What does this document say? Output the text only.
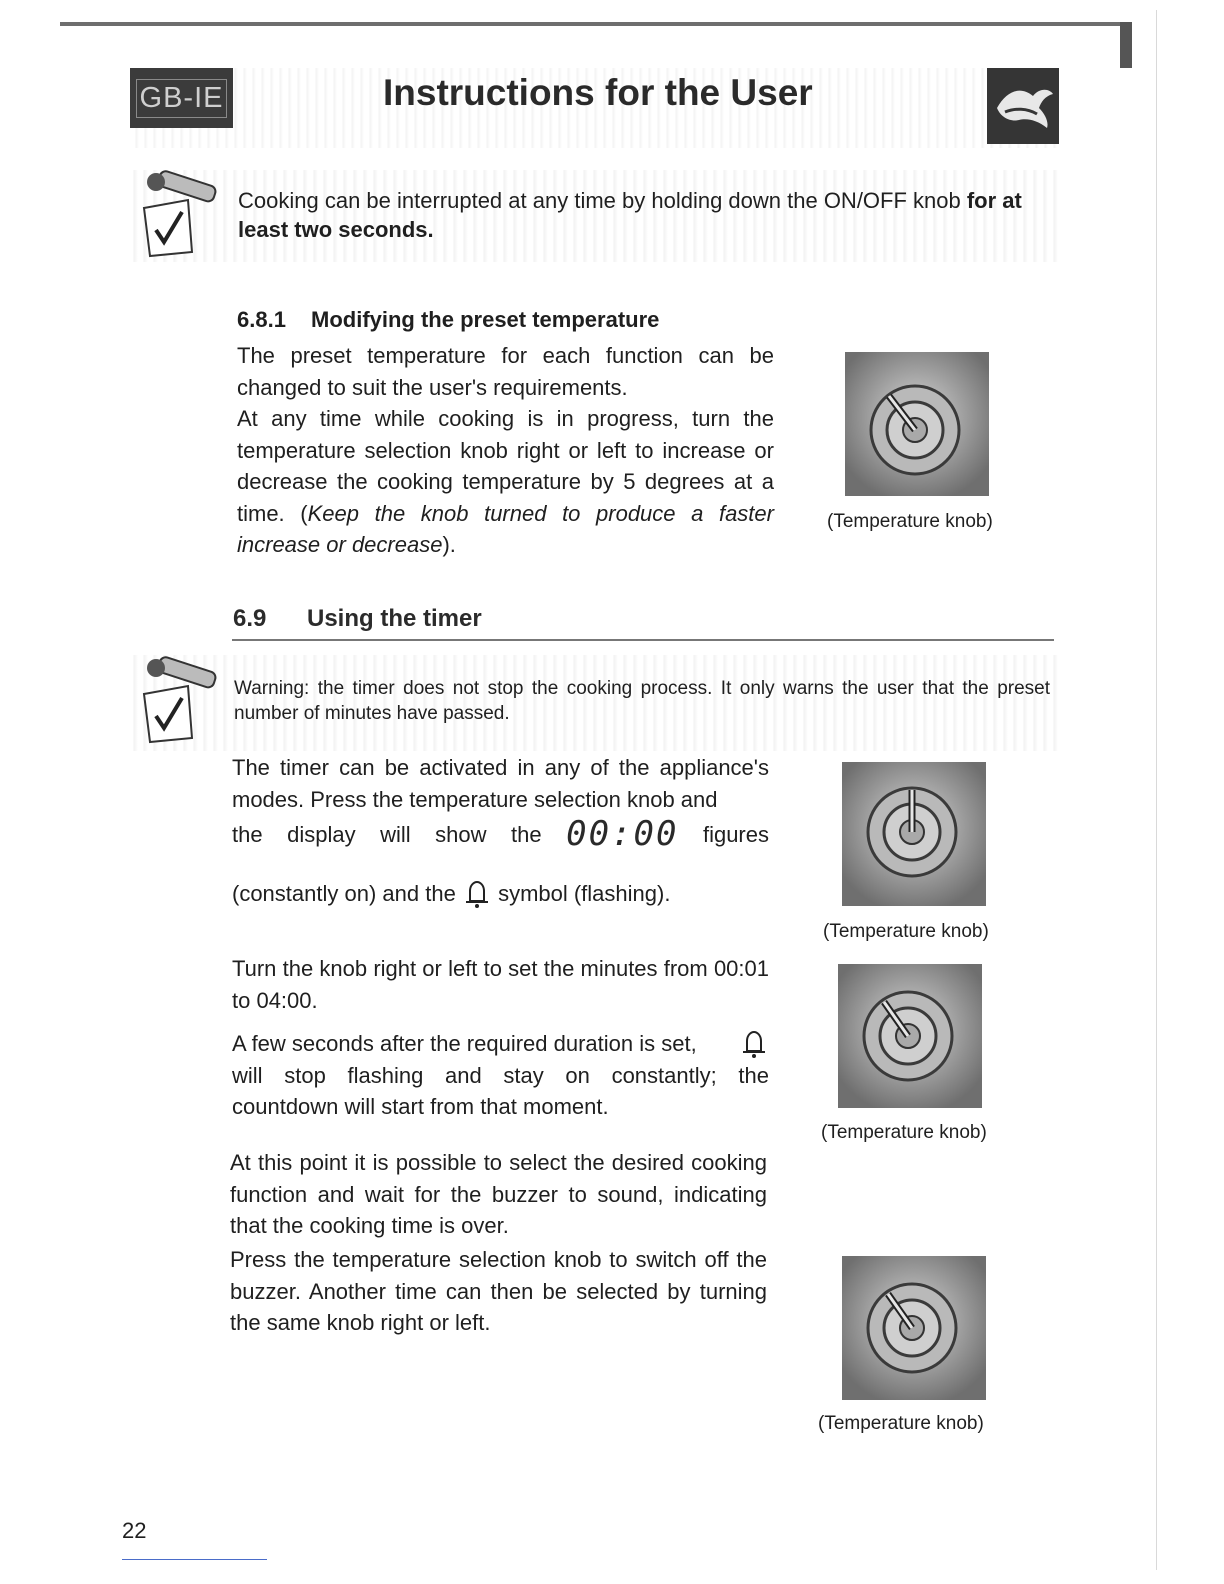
GB-IE	Instructions for the User
Cooking can be interrupted at any time by holding down the ON/OFF knob for at least two seconds.
6.8.1 Modifying the preset temperature
The preset temperature for each function can be changed to suit the user's requirements.
At any time while cooking is in progress, turn the temperature selection knob right or left to increase or decrease the cooking temperature by 5 degrees at a time. (Keep the knob turned to produce a faster increase or decrease).
(Temperature knob)
6.9 Using the timer
Warning: the timer does not stop the cooking process. It only warns the user that the preset number of minutes have passed.
The timer can be activated in any of the appliance's modes. Press the temperature selection knob and
the display will show the 00:00 figures
(constantly on) and the symbol (flashing).
Turn the knob right or left to set the minutes from 00:01 to 04:00.
A few seconds after the required duration is set,
will stop flashing and stay on constantly; the countdown will start from that moment.
At this point it is possible to select the desired cooking function and wait for the buzzer to sound, indicating that the cooking time is over.
Press the temperature selection knob to switch off the buzzer. Another time can then be selected by turning the same knob right or left.
(Temperature knob)
(Temperature knob)
(Temperature knob)
22
